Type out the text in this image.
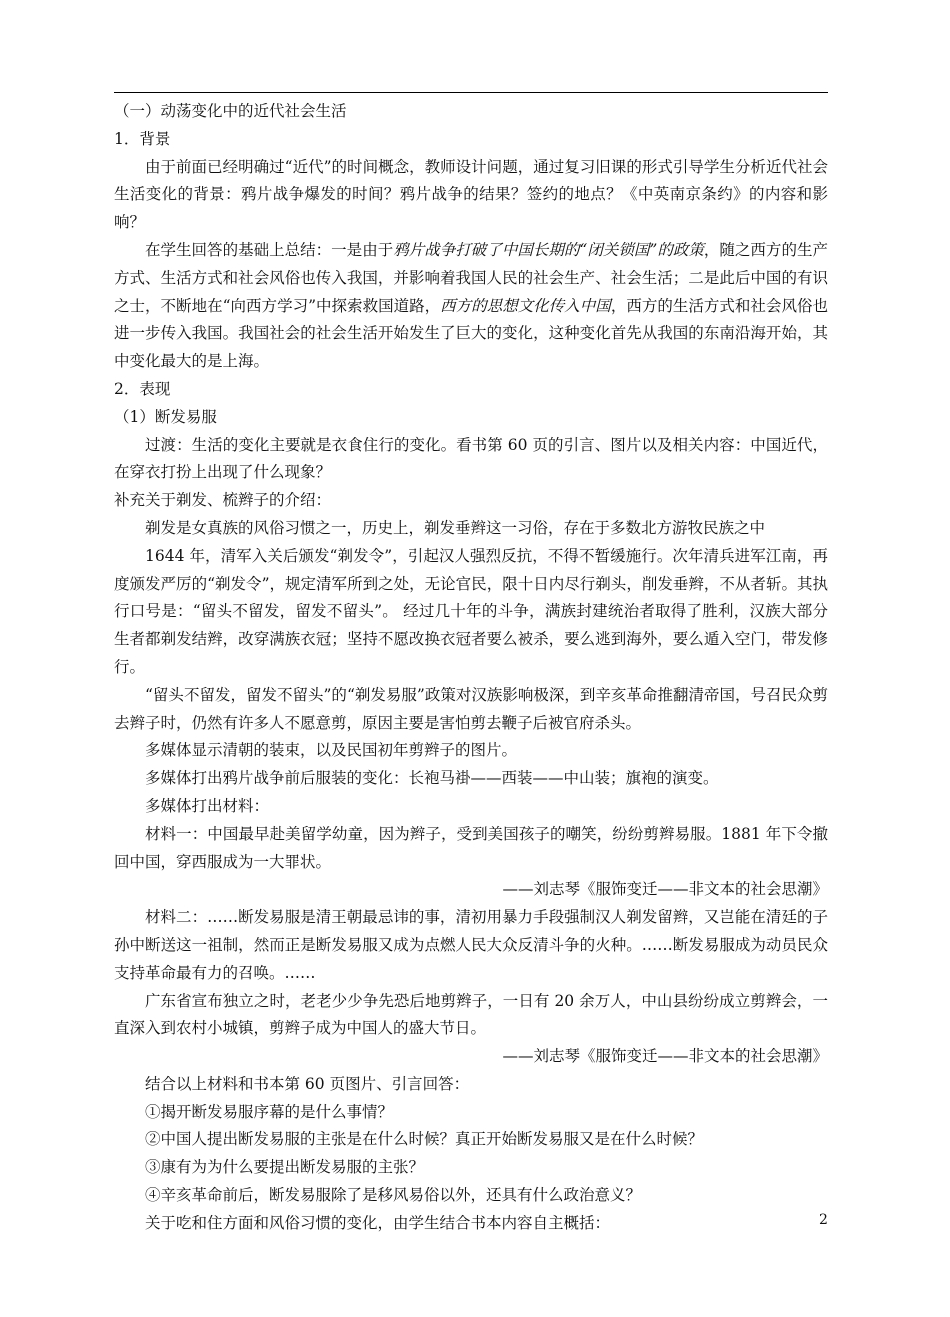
（一）动荡变化中的近代社会生活

1．背景

由于前面已经明确过“近代”的时间概念，教师设计问题，通过复习旧课的形式引导学生分析近代社会生活变化的背景：鸦片战争爆发的时间？鸦片战争的结果？签约的地点？《中英南京条约》的内容和影响？

在学生回答的基础上总结：一是由于鸦片战争打破了中国长期的“闭关锁国”的政策，随之西方的生产方式、生活方式和社会风俗也传入我国，并影响着我国人民的社会生产、社会生活；二是此后中国的有识之士，不断地在“向西方学习”中探索救国道路，西方的思想文化传入中国，西方的生活方式和社会风俗也进一步传入我国。我国社会的社会生活开始发生了巨大的变化，这种变化首先从我国的东南沿海开始，其中变化最大的是上海。

2．表现

（1）断发易服

过渡：生活的变化主要就是衣食住行的变化。看书第 60 页的引言、图片以及相关内容：中国近代，在穿衣打扮上出现了什么现象？

补充关于剃发、梳辫子的介绍：

剃发是女真族的风俗习惯之一，历史上，剃发垂辫这一习俗，存在于多数北方游牧民族之中

1644 年，清军入关后颁发“剃发令”，引起汉人强烈反抗，不得不暂缓施行。次年清兵进军江南，再度颁发严厉的“剃发令”，规定清军所到之处，无论官民，限十日内尽行剃头，削发垂辫，不从者斩。其执行口号是：“留头不留发，留发不留头”。 经过几十年的斗争，满族封建统治者取得了胜利，汉族大部分生者都剃发结辫，改穿满族衣冠；坚持不愿改换衣冠者要么被杀，要么逃到海外，要么遁入空门，带发修行。

“留头不留发，留发不留头”的“剃发易服”政策对汉族影响极深，到辛亥革命推翻清帝国，号召民众剪去辫子时，仍然有许多人不愿意剪，原因主要是害怕剪去鞭子后被官府杀头。

多媒体显示清朝的装束，以及民国初年剪辫子的图片。

多媒体打出鸦片战争前后服装的变化：长袍马褂——西装——中山装；旗袍的演变。

多媒体打出材料：

材料一：中国最早赴美留学幼童，因为辫子，受到美国孩子的嘲笑，纷纷剪辫易服。1881 年下令撤回中国，穿西服成为一大罪状。

——刘志琴《服饰变迁——非文本的社会思潮》

材料二：……断发易服是清王朝最忌讳的事，清初用暴力手段强制汉人剃发留辫，又岂能在清廷的子孙中断送这一祖制，然而正是断发易服又成为点燃人民大众反清斗争的火种。……断发易服成为动员民众支持革命最有力的召唤。……

广东省宣布独立之时，老老少少争先恐后地剪辫子，一日有 20 余万人，中山县纷纷成立剪辫会，一直深入到农村小城镇，剪辫子成为中国人的盛大节日。

——刘志琴《服饰变迁——非文本的社会思潮》

结合以上材料和书本第 60 页图片、引言回答：

①揭开断发易服序幕的是什么事情？

②中国人提出断发易服的主张是在什么时候？真正开始断发易服又是在什么时候？

③康有为为什么要提出断发易服的主张？

④辛亥革命前后，断发易服除了是移风易俗以外，还具有什么政治意义？

关于吃和住方面和风俗习惯的变化，由学生结合书本内容自主概括：	2
